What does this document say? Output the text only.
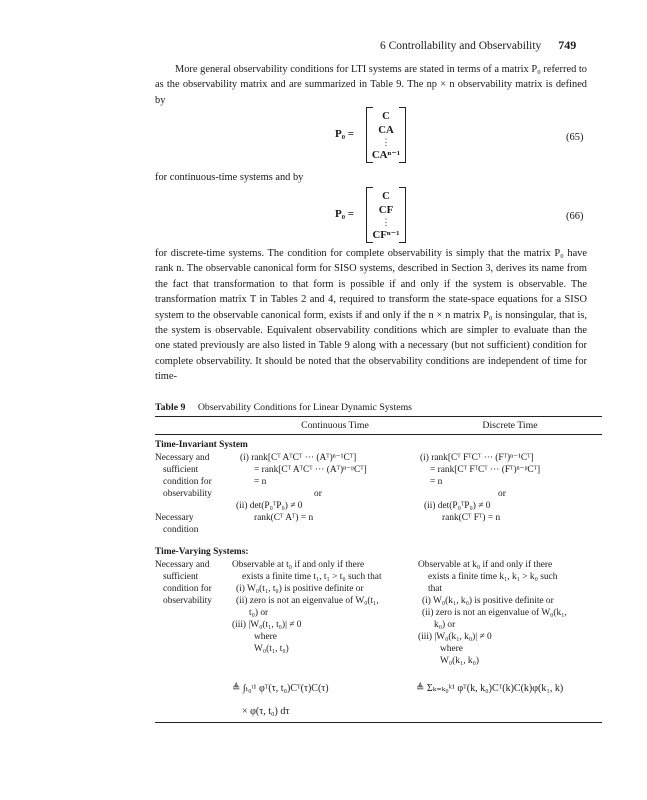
6 Controllability and Observability 749
More general observability conditions for LTI systems are stated in terms of a matrix P₀ referred to as the observability matrix and are summarized in Table 9. The np × n observability matrix is defined by
P₀ =
C
CA
⋮
CAⁿ⁻¹
(65)
for continuous-time systems and by
P₀ =
C
CF
⋮
CFⁿ⁻¹
(66)
for discrete-time systems. The condition for complete observability is simply that the matrix P₀ have rank n. The observable canonical form for SISO systems, described in Section 3, derives its name from the fact that transformation to that form is possible if and only if the system is observable. The transformation matrix T in Tables 2 and 4, required to transform the state-space equations for a SISO system to the observable canonical form, exists if and only if the n × n matrix P₀ is nonsingular, that is, the system is observable. Equivalent observability conditions which are simpler to evaluate than the one stated previously are also listed in Table 9 along with a necessary (but not sufficient) condition for complete observability. It should be noted that the observability conditions are independent of time for time-
Table 9 Observability Conditions for Linear Dynamic Systems
Continuous Time	Discrete Time
Time-Invariant System
Necessary and
sufficient
condition for
observability
(i) rank[Cᵀ AᵀCᵀ ··· (Aᵀ)ⁿ⁻¹Cᵀ]
= rank[Cᵀ AᵀCᵀ ··· (Aᵀ)ⁿ⁻ᵖCᵀ]
= n
or
(ii) det(P₀ᵀP₀) ≠ 0
(i) rank[Cᵀ FᵀCᵀ ··· (Fᵀ)ⁿ⁻¹Cᵀ]
= rank[Cᵀ FᵀCᵀ ··· (Fᵀ)ⁿ⁻ᵖCᵀ]
= n
or
(ii) det(P₀ᵀP₀) ≠ 0
Necessary
condition
rank(Cᵀ Aᵀ) = n	rank(Cᵀ Fᵀ) = n
Time-Varying Systems:
Necessary and
sufficient
condition for
observability
Observable at t₀ if and only if there
exists a finite time t₁, t₁ > t₀ such that
(i) W₀(t₁, t₀) is positive definite or
(ii) zero is not an eigenvalue of W₀(t₁,
t₀) or
(iii) |W₀(t₁, t₀)| ≠ 0
where
W₀(t₁, t₀)
Observable at k₀ if and only if there
exists a finite time k₁, k₁ > k₀ such
that
(i) W₀(k₁, k₀) is positive definite or
(ii) zero is not an eigenvalue of W₀(k₁,
k₀) or
(iii) |W₀(k₁, k₀)| ≠ 0
where
W₀(k₁, k₀)
≜ ∫ₜ₀ᵗ¹ φᵀ(τ, t₀)Cᵀ(τ)C(τ)
× φ(τ, t₀) dτ
≜ Σₖ₌ₖ₀ᵏ¹ φᵀ(k, k₀)Cᵀ(k)C(k)φ(k₁, k)
